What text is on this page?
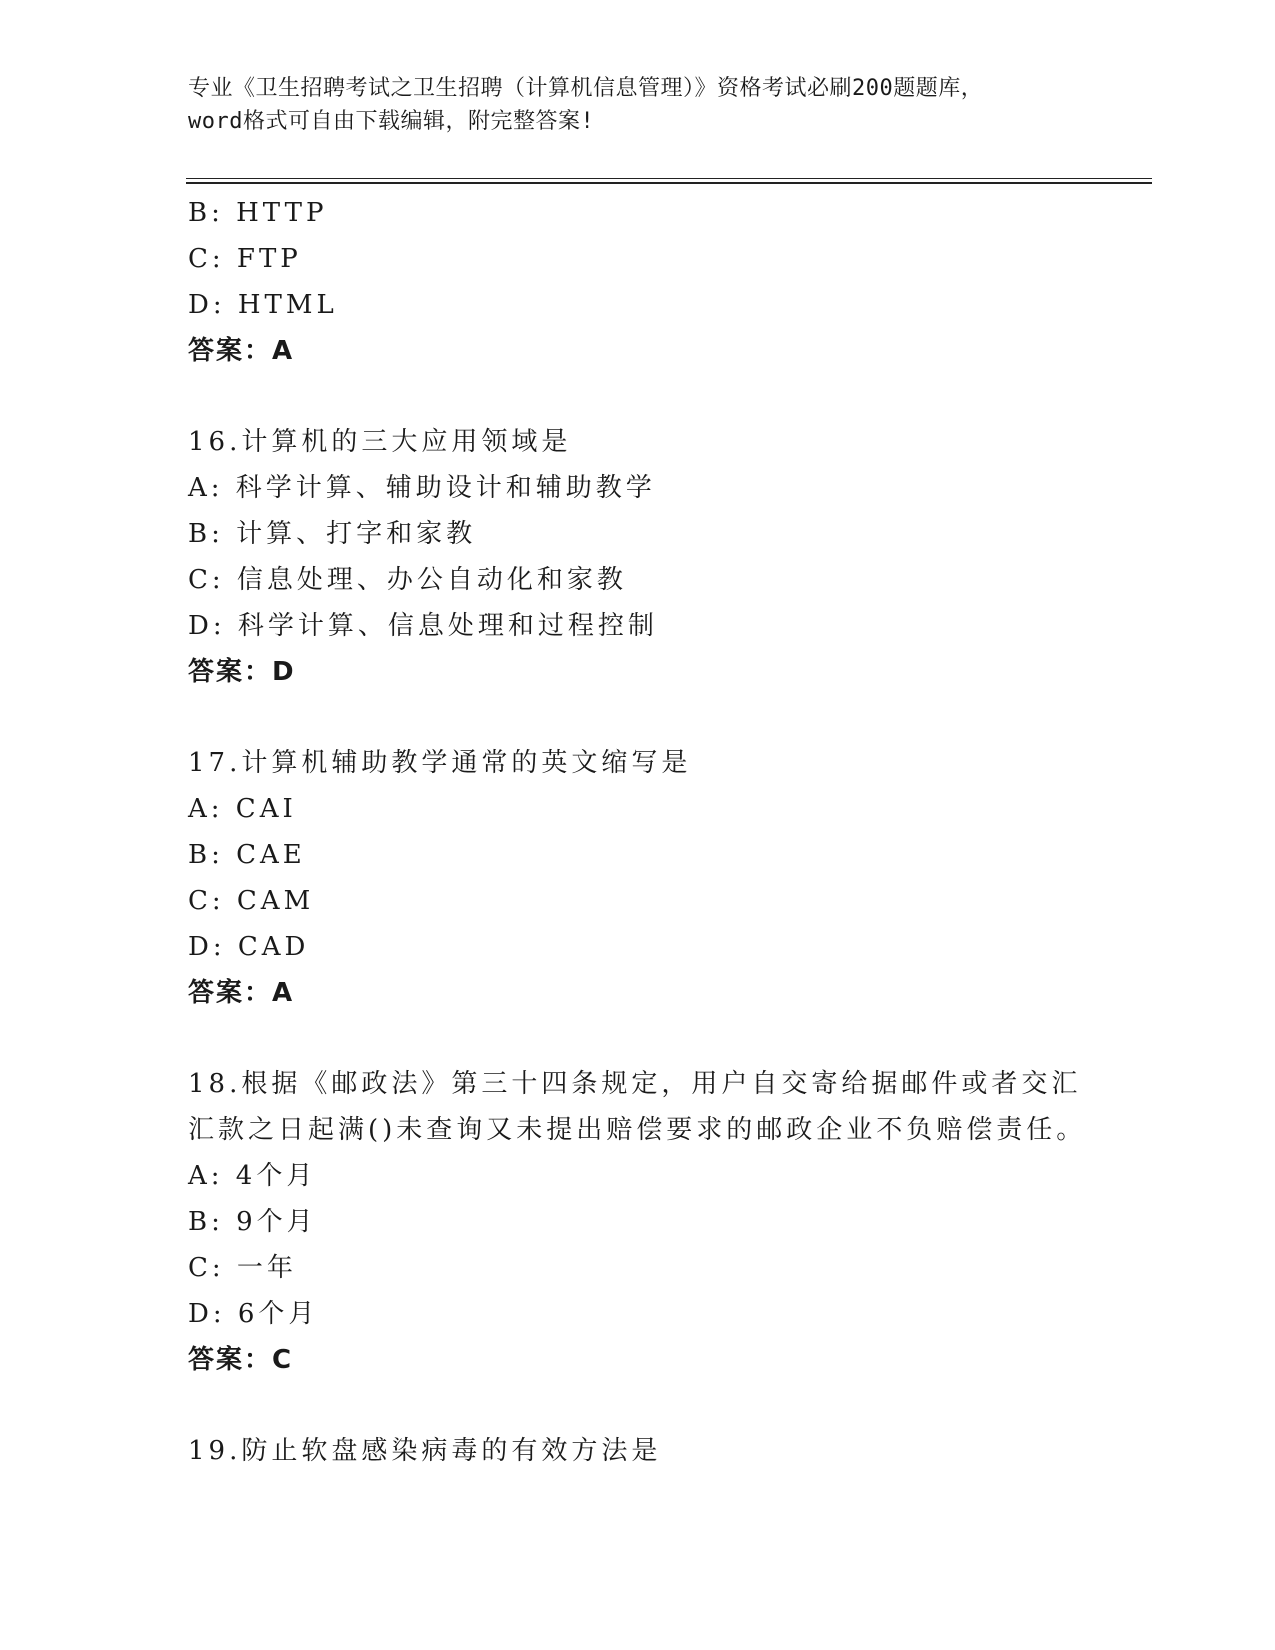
专业《卫生招聘考试之卫生招聘（计算机信息管理）》资格考试必刷200题题库，
word格式可自由下载编辑，附完整答案!
B: HTTP
C: FTP
D: HTML
答案：A
16.计算机的三大应用领域是
A: 科学计算、辅助设计和辅助教学
B: 计算、打字和家教
C: 信息处理、办公自动化和家教
D: 科学计算、信息处理和过程控制
答案：D
17.计算机辅助教学通常的英文缩写是
A: CAI
B: CAE
C: CAM
D: CAD
答案：A
18.根据《邮政法》第三十四条规定，用户自交寄给据邮件或者交汇汇款之日起满()未查询又未提出赔偿要求的邮政企业不负赔偿责任。
A: 4个月
B: 9个月
C: 一年
D: 6个月
答案：C
19.防止软盘感染病毒的有效方法是
